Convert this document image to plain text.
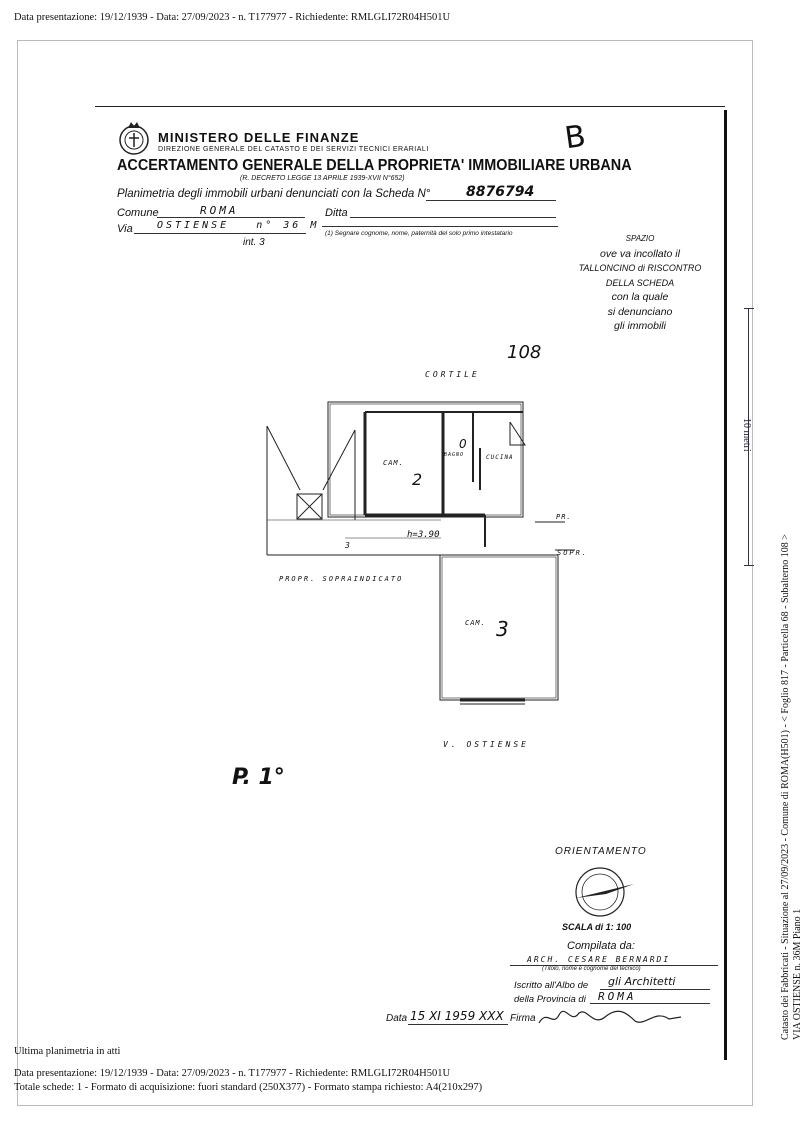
Data presentazione: 19/12/1939 - Data: 27/09/2023 - n. T177977 - Richiedente: RMLGLI72R04H501U
MINISTERO DELLE FINANZE
DIREZIONE GENERALE DEL CATASTO E DEI SERVIZI TECNICI ERARIALI
ACCERTAMENTO GENERALE DELLA PROPRIETA' IMMOBILIARE URBANA
(R. DECRETO LEGGE 13 APRILE 1939-XVII N°652)
B
Planimetria degli immobili urbani denunciati con la Scheda N°	8876794
Comune	ROMA	Ditta
Via OSTIENSE   n° 36 M
(1) Segnare cognome, nome, paternità del solo primo intestatario
int. 3	SPAZIO
ove va incollato il
TALLONCINO di RISCONTRO
DELLA SCHEDA
con la quale
si denunciano
gli immobili
CORTILE
108
CAM.
2
BAGNO
0
CUCINA
PR.
h=3.90
3
SOPR.
PROPR. SOPRAINDICATO
CAM. 3
V. OSTIENSE
P. 1°
ORIENTAMENTO
SCALA di 1: 100
Compilata da:
ARCH. CESARE BERNARDI
(Titolo, nome e cognome del tecnico)
Iscritto all'Albo de gli Architetti
della Provincia di ROMA
Data 15 XI 1959 XXX Firma
10 metri
Catasto dei Fabbricati - Situazione al 27/09/2023 - Comune di ROMA(H501) - < Foglio 817 - Particella 68 - Subalterno 108 > VIA OSTIENSE n. 36M Piano 1
Ultima planimetria in atti
Data presentazione: 19/12/1939 - Data: 27/09/2023 - n. T177977 - Richiedente: RMLGLI72R04H501U
Totale schede: 1 - Formato di acquisizione: fuori standard (250X377) - Formato stampa richiesto: A4(210x297)
